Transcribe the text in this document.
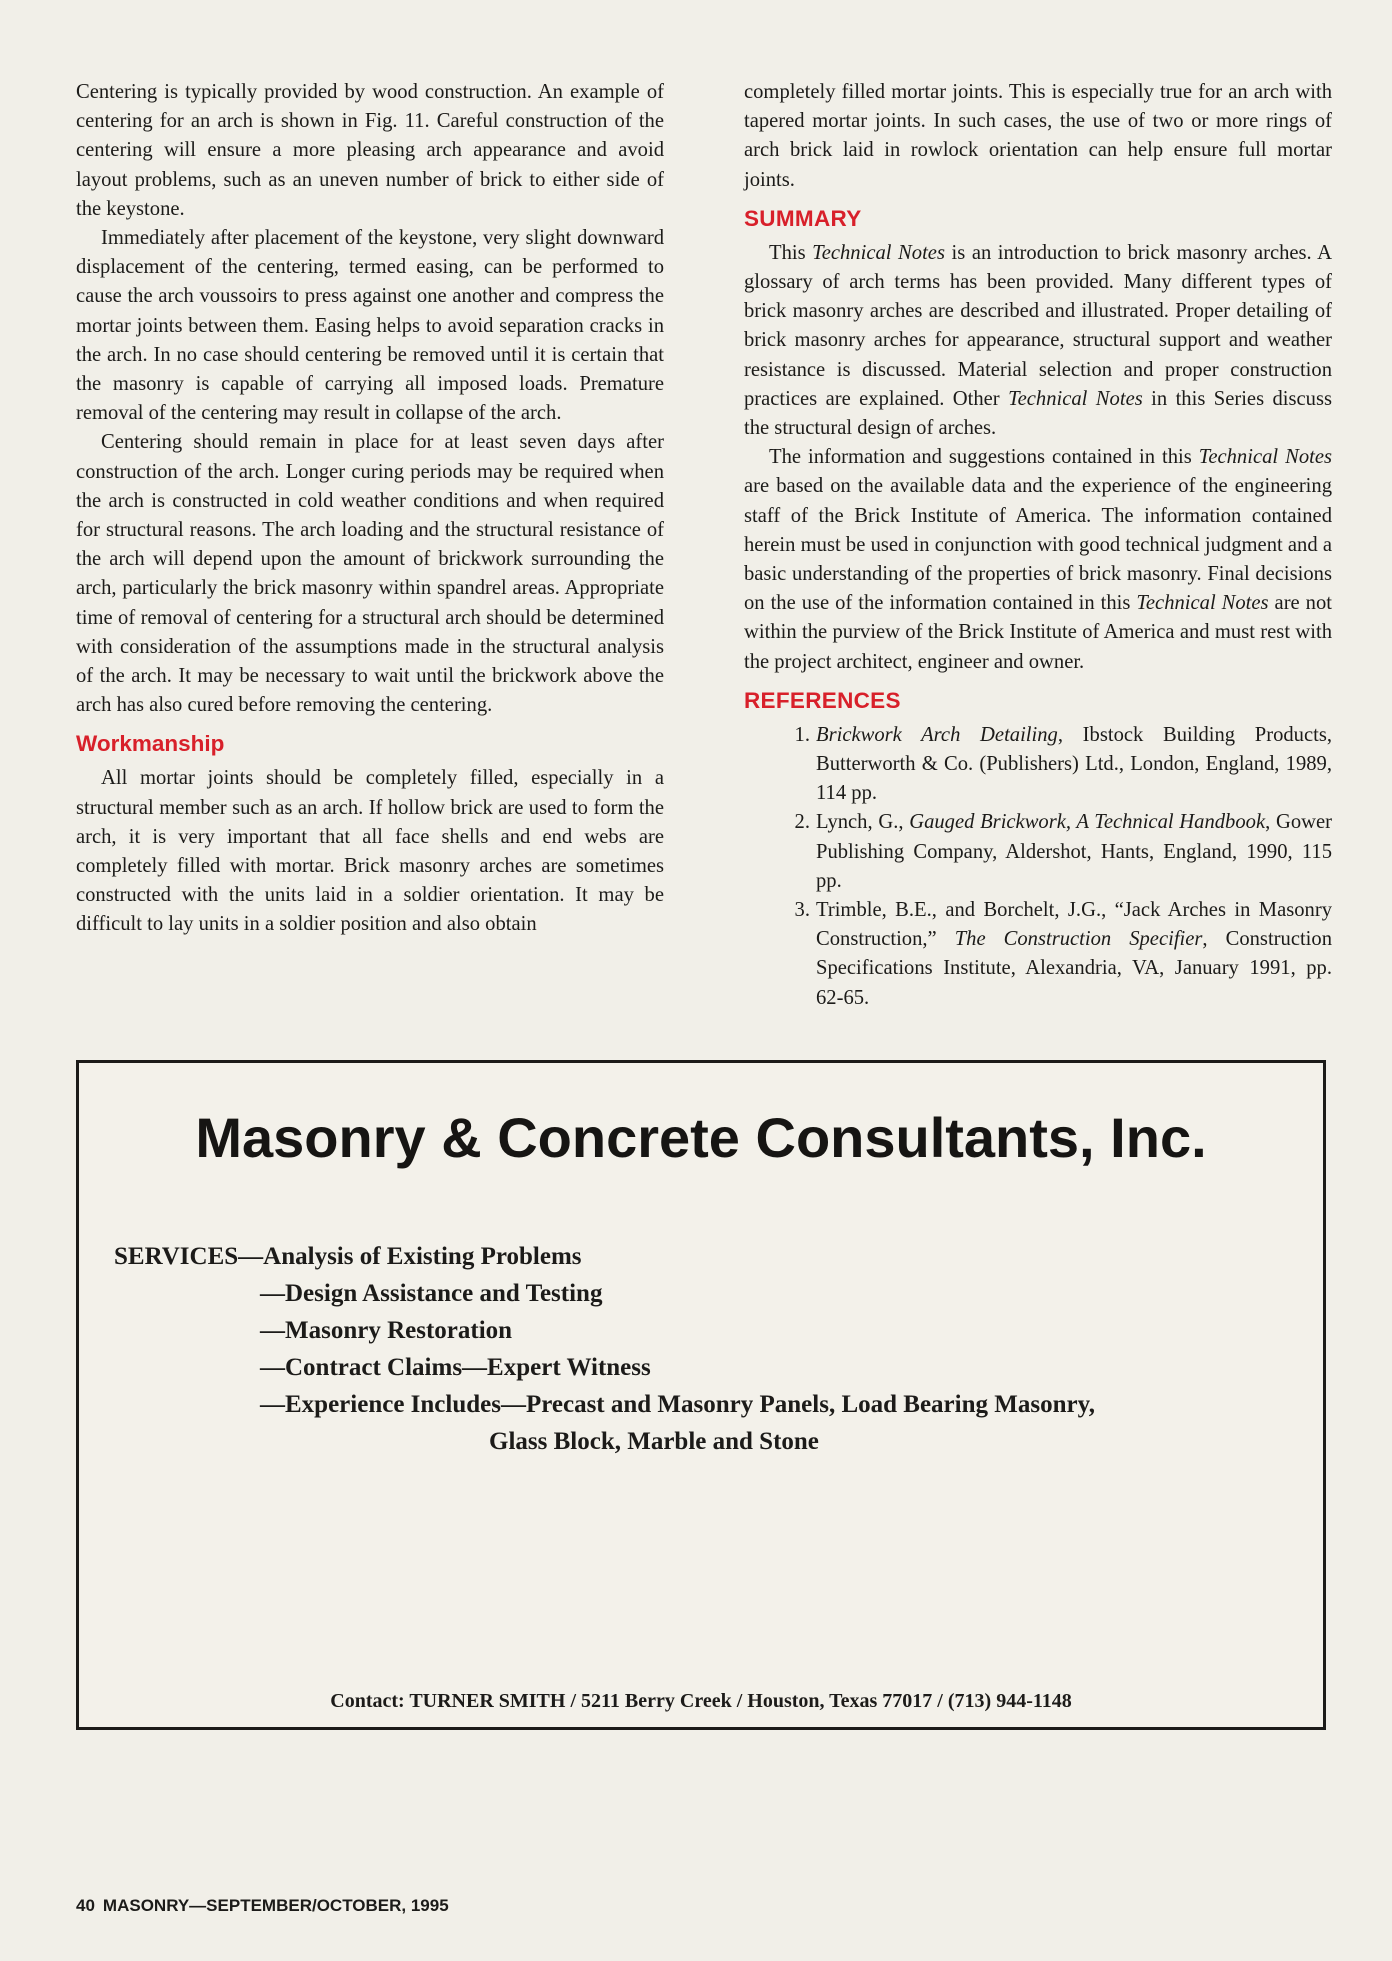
Centering is typically provided by wood construction. An example of centering for an arch is shown in Fig. 11. Careful construction of the centering will ensure a more pleasing arch appearance and avoid layout problems, such as an uneven number of brick to either side of the keystone.

Immediately after placement of the keystone, very slight downward displacement of the centering, termed easing, can be performed to cause the arch voussoirs to press against one another and compress the mortar joints between them. Easing helps to avoid separation cracks in the arch. In no case should centering be removed until it is certain that the masonry is capable of carrying all imposed loads. Premature removal of the centering may result in collapse of the arch.

Centering should remain in place for at least seven days after construction of the arch. Longer curing periods may be required when the arch is constructed in cold weather conditions and when required for structural reasons. The arch loading and the structural resistance of the arch will depend upon the amount of brickwork surrounding the arch, particularly the brick masonry within spandrel areas. Appropriate time of removal of centering for a structural arch should be determined with consideration of the assumptions made in the structural analysis of the arch. It may be necessary to wait until the brickwork above the arch has also cured before removing the centering.

Workmanship

All mortar joints should be completely filled, especially in a structural member such as an arch. If hollow brick are used to form the arch, it is very important that all face shells and end webs are completely filled with mortar. Brick masonry arches are sometimes constructed with the units laid in a soldier orientation. It may be difficult to lay units in a soldier position and also obtain

completely filled mortar joints. This is especially true for an arch with tapered mortar joints. In such cases, the use of two or more rings of arch brick laid in rowlock orientation can help ensure full mortar joints.

SUMMARY

This Technical Notes is an introduction to brick masonry arches. A glossary of arch terms has been provided. Many different types of brick masonry arches are described and illustrated. Proper detailing of brick masonry arches for appearance, structural support and weather resistance is discussed. Material selection and proper construction practices are explained. Other Technical Notes in this Series discuss the structural design of arches.

The information and suggestions contained in this Technical Notes are based on the available data and the experience of the engineering staff of the Brick Institute of America. The information contained herein must be used in conjunction with good technical judgment and a basic understanding of the properties of brick masonry. Final decisions on the use of the information contained in this Technical Notes are not within the purview of the Brick Institute of America and must rest with the project architect, engineer and owner.

REFERENCES
1. Brickwork Arch Detailing, Ibstock Building Products, Butterworth & Co. (Publishers) Ltd., London, England, 1989, 114 pp.
2. Lynch, G., Gauged Brickwork, A Technical Handbook, Gower Publishing Company, Aldershot, Hants, England, 1990, 115 pp.
3. Trimble, B.E., and Borchelt, J.G., “Jack Arches in Masonry Construction,” The Construction Specifier, Construction Specifications Institute, Alexandria, VA, January 1991, pp. 62-65.
Masonry & Concrete Consultants, Inc.
SERVICES—Analysis of Existing Problems
—Design Assistance and Testing
—Masonry Restoration
—Contract Claims—Expert Witness
—Experience Includes—Precast and Masonry Panels, Load Bearing Masonry,
Glass Block, Marble and Stone
Contact: TURNER SMITH / 5211 Berry Creek / Houston, Texas 77017 / (713) 944-1148
40 MASONRY—SEPTEMBER/OCTOBER, 1995
